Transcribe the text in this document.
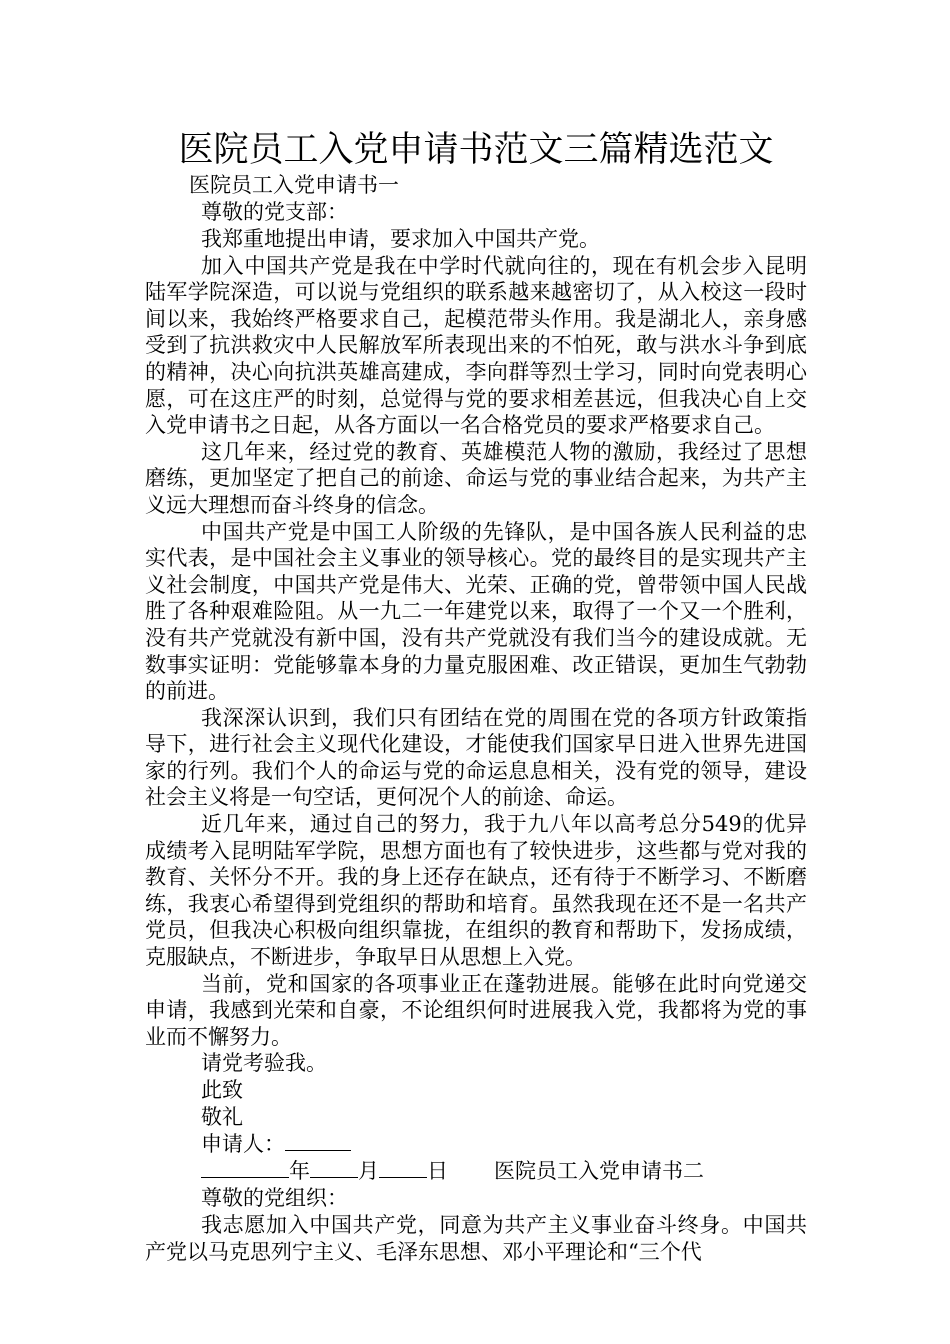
医院员工入党申请书范文三篇精选范文
医院员工入党申请书一
尊敬的党支部：

我郑重地提出申请，要求加入中国共产党。

加入中国共产党是我在中学时代就向往的，现在有机会步入昆明陆军学院深造，可以说与党组织的联系越来越密切了，从入校这一段时间以来，我始终严格要求自己，起模范带头作用。我是湖北人，亲身感受到了抗洪救灾中人民解放军所表现出来的不怕死，敢与洪水斗争到底的精神，决心向抗洪英雄高建成，李向群等烈士学习，同时向党表明心愿，可在这庄严的时刻，总觉得与党的要求相差甚远，但我决心自上交入党申请书之日起，从各方面以一名合格党员的要求严格要求自己。

这几年来，经过党的教育、英雄模范人物的激励，我经过了思想磨练，更加坚定了把自己的前途、命运与党的事业结合起来，为共产主义远大理想而奋斗终身的信念。

中国共产党是中国工人阶级的先锋队，是中国各族人民利益的忠实代表，是中国社会主义事业的领导核心。党的最终目的是实现共产主义社会制度，中国共产党是伟大、光荣、正确的党，曾带领中国人民战胜了各种艰难险阻。从一九二一年建党以来，取得了一个又一个胜利，没有共产党就没有新中国，没有共产党就没有我们当今的建设成就。无数事实证明：党能够靠本身的力量克服困难、改正错误，更加生气勃勃的前进。

我深深认识到，我们只有团结在党的周围在党的各项方针政策指导下，进行社会主义现代化建设，才能使我们国家早日进入世界先进国家的行列。我们个人的命运与党的命运息息相关，没有党的领导，建设社会主义将是一句空话，更何况个人的前途、命运。

近几年来，通过自己的努力，我于九八年以高考总分549的优异成绩考入昆明陆军学院，思想方面也有了较快进步，这些都与党对我的教育、关怀分不开。我的身上还存在缺点，还有待于不断学习、不断磨练，我衷心希望得到党组织的帮助和培育。虽然我现在还不是一名共产党员，但我决心积极向组织靠拢，在组织的教育和帮助下，发扬成绩，克服缺点，不断进步，争取早日从思想上入党。

当前，党和国家的各项事业正在蓬勃进展。能够在此时向党递交申请，我感到光荣和自豪，不论组织何时进展我入党，我都将为党的事业而不懈努力。

请党考验我。
此致
敬礼
申请人：
年 月 日 医院员工入党申请书二
尊敬的党组织：

我志愿加入中国共产党，同意为共产主义事业奋斗终身。中国共产党以马克思列宁主义、毛泽东思想、邓小平理论和“三个代
